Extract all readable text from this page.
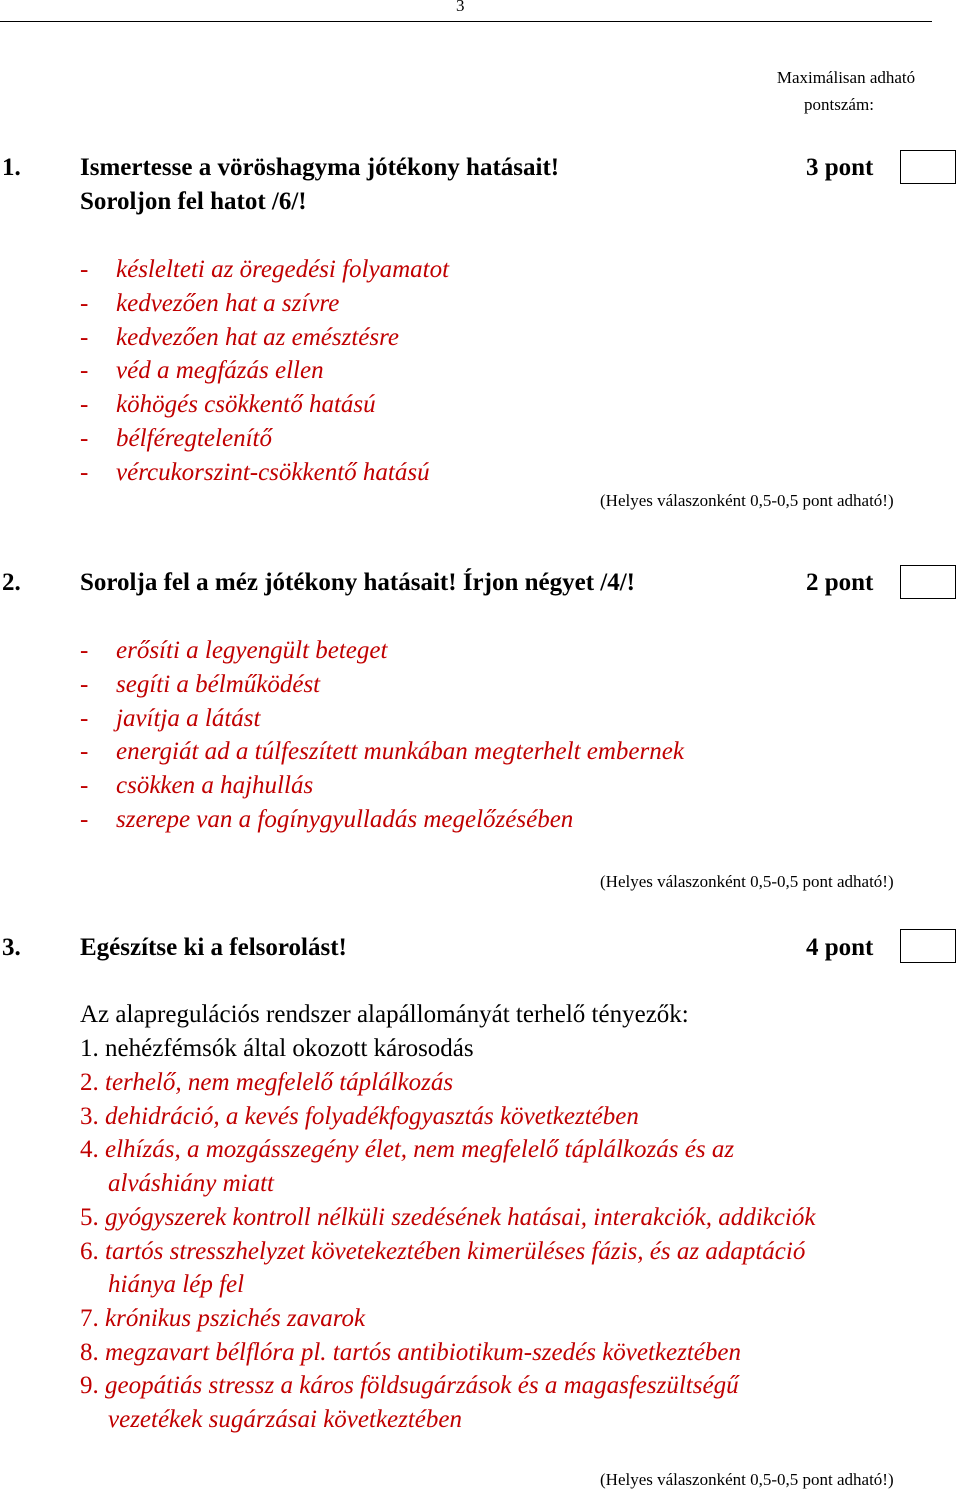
3
Maximálisan adható
pontszám:
1. Ismertesse a vöröshagyma jótékony hatásait!
Soroljon fel hatot /6/!
3 pont
- késlelteti az öregedési folyamatot
- kedvezően hat a szívre
- kedvezően hat az emésztésre
- véd a megfázás ellen
- köhögés csökkentő hatású
- bélféregtelenítő
- vércukorszint-csökkentő hatású
(Helyes válaszonként 0,5-0,5 pont adható!)
2. Sorolja fel a méz jótékony hatásait! Írjon négyet /4/!	2 pont
- erősíti a legyengült beteget
- segíti a bélműködést
- javítja a látást
- energiát ad a túlfeszített munkában megterhelt embernek
- csökken a hajhullás
- szerepe van a fogínygyulladás megelőzésében
(Helyes válaszonként 0,5-0,5 pont adható!)
3. Egészítse ki a felsorolást!	4 pont
Az alapregulációs rendszer alapállományát terhelő tényezők:
1. nehézfémsók által okozott károsodás
2. terhelő, nem megfelelő táplálkozás
3. dehidráció, a kevés folyadékfogyasztás következtében
4. elhízás, a mozgásszegény élet, nem megfelelő táplálkozás és az
alváshiány miatt
5. gyógyszerek kontroll nélküli szedésének hatásai, interakciók, addikciók
6. tartós stresszhelyzet követekeztében kimerüléses fázis, és az adaptáció
hiánya lép fel
7. krónikus pszichés zavarok
8. megzavart bélflóra pl. tartós antibiotikum-szedés következtében
9. geopátiás stressz a káros földsugárzások és a magasfeszültségű
vezetékek sugárzásai következtében
(Helyes válaszonként 0,5-0,5 pont adható!)
